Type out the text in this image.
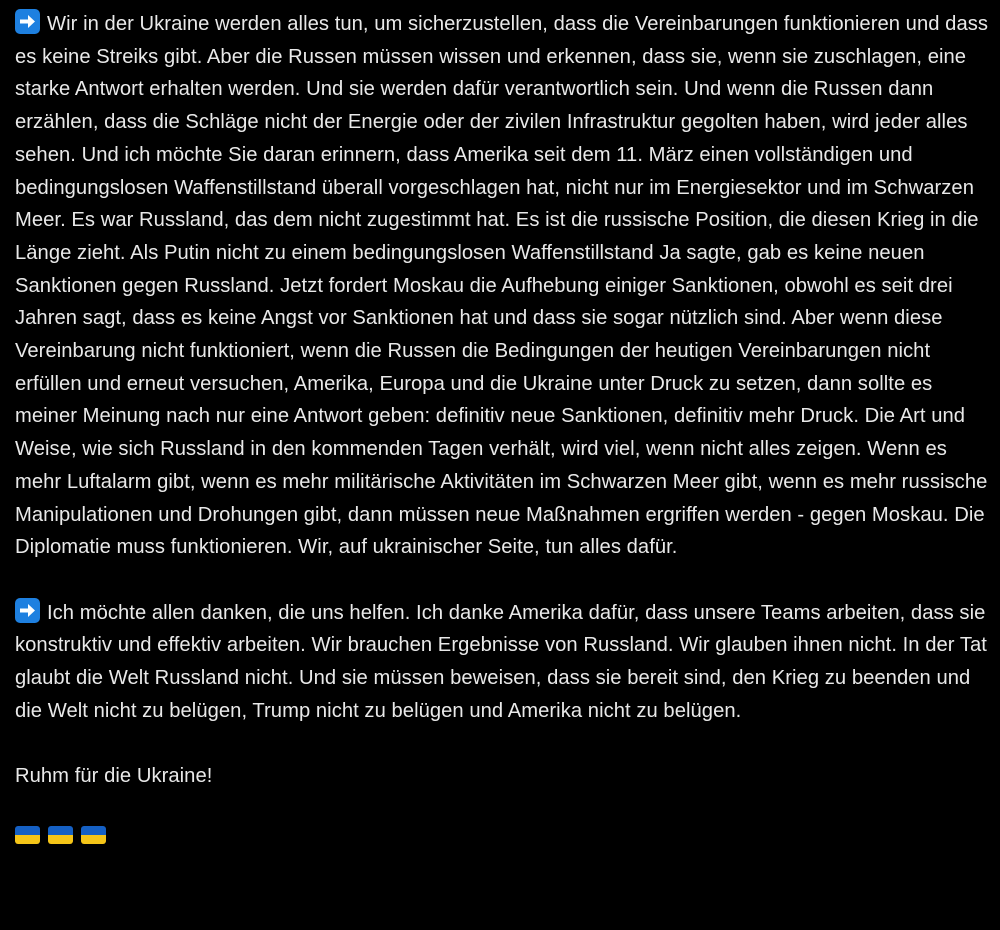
Wir in der Ukraine werden alles tun, um sicherzustellen, dass die Vereinbarungen funktionieren und dass es keine Streiks gibt. Aber die Russen müssen wissen und erkennen, dass sie, wenn sie zuschlagen, eine starke Antwort erhalten werden. Und sie werden dafür verantwortlich sein. Und wenn die Russen dann erzählen, dass die Schläge nicht der Energie oder der zivilen Infrastruktur gegolten haben, wird jeder alles sehen. Und ich möchte Sie daran erinnern, dass Amerika seit dem 11. März einen vollständigen und bedingungslosen Waffenstillstand überall vorgeschlagen hat, nicht nur im Energiesektor und im Schwarzen Meer. Es war Russland, das dem nicht zugestimmt hat. Es ist die russische Position, die diesen Krieg in die Länge zieht. Als Putin nicht zu einem bedingungslosen Waffenstillstand Ja sagte, gab es keine neuen Sanktionen gegen Russland. Jetzt fordert Moskau die Aufhebung einiger Sanktionen, obwohl es seit drei Jahren sagt, dass es keine Angst vor Sanktionen hat und dass sie sogar nützlich sind. Aber wenn diese Vereinbarung nicht funktioniert, wenn die Russen die Bedingungen der heutigen Vereinbarungen nicht erfüllen und erneut versuchen, Amerika, Europa und die Ukraine unter Druck zu setzen, dann sollte es meiner Meinung nach nur eine Antwort geben: definitiv neue Sanktionen, definitiv mehr Druck. Die Art und Weise, wie sich Russland in den kommenden Tagen verhält, wird viel, wenn nicht alles zeigen. Wenn es mehr Luftalarm gibt, wenn es mehr militärische Aktivitäten im Schwarzen Meer gibt, wenn es mehr russische Manipulationen und Drohungen gibt, dann müssen neue Maßnahmen ergriffen werden - gegen Moskau. Die Diplomatie muss funktionieren. Wir, auf ukrainischer Seite, tun alles dafür.

Ich möchte allen danken, die uns helfen. Ich danke Amerika dafür, dass unsere Teams arbeiten, dass sie konstruktiv und effektiv arbeiten. Wir brauchen Ergebnisse von Russland. Wir glauben ihnen nicht. In der Tat glaubt die Welt Russland nicht. Und sie müssen beweisen, dass sie bereit sind, den Krieg zu beenden und die Welt nicht zu belügen, Trump nicht zu belügen und Amerika nicht zu belügen.

Ruhm für die Ukraine!
